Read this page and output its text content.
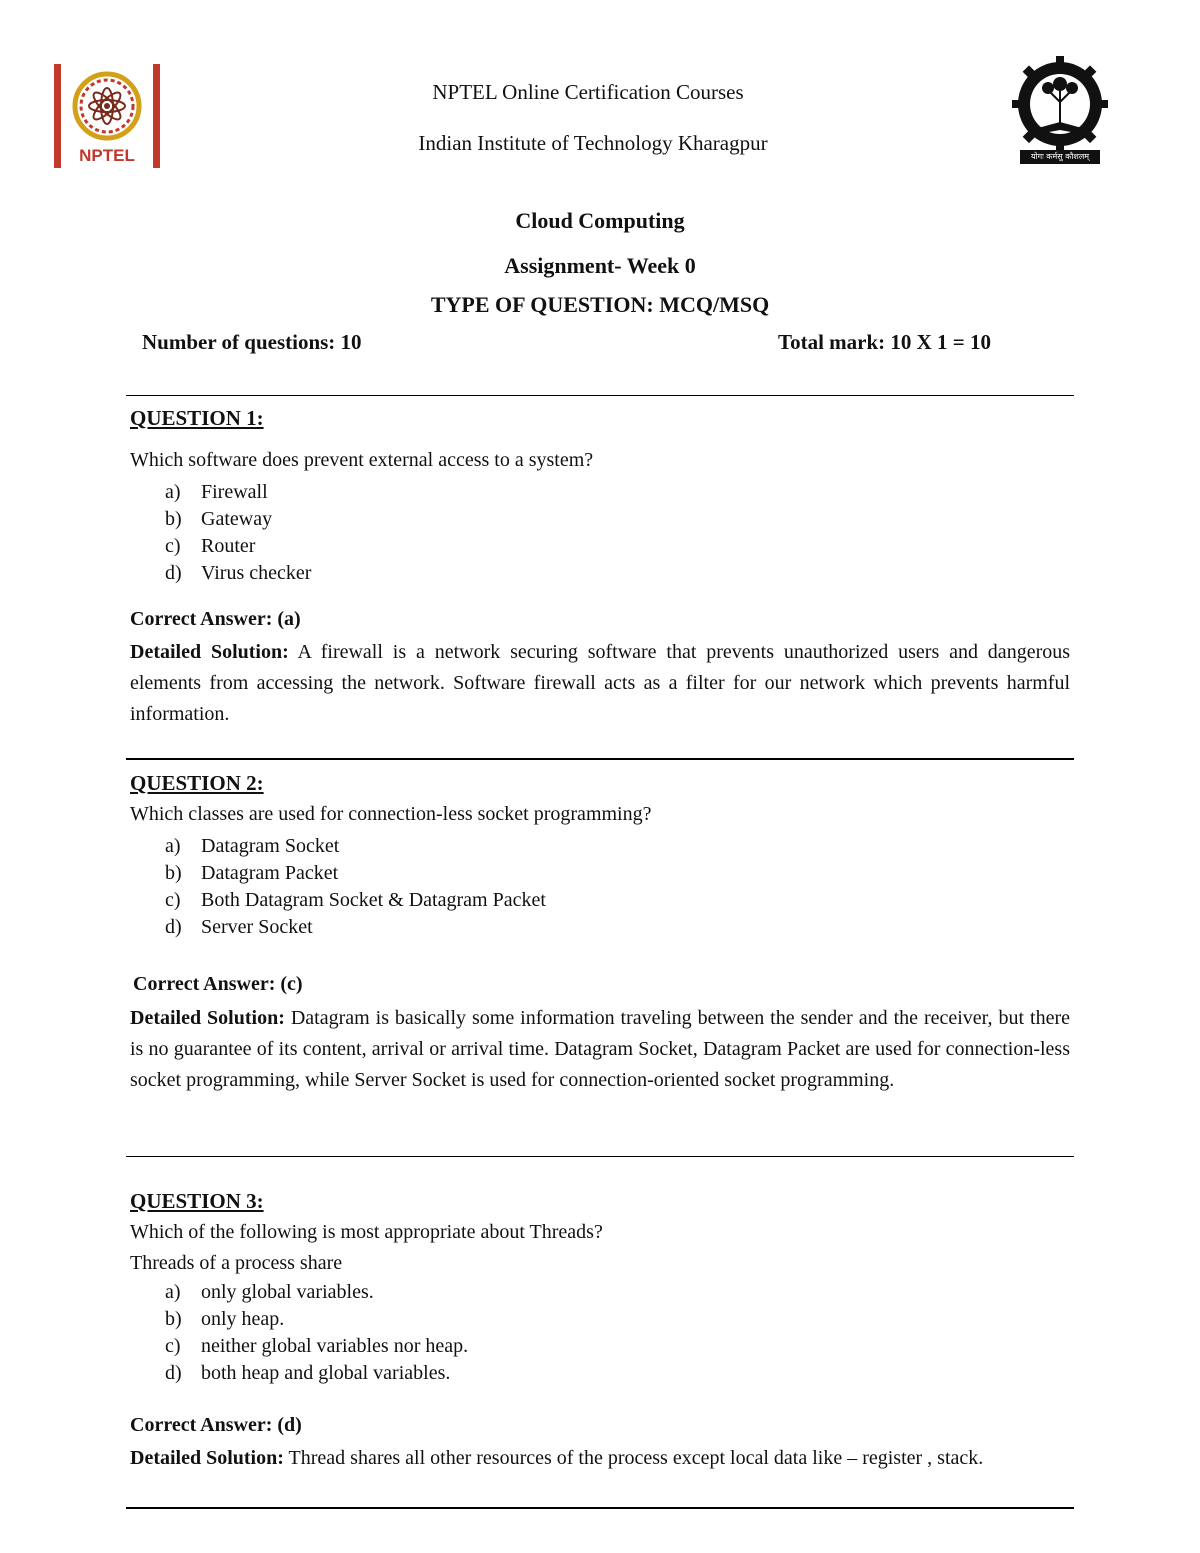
NPTEL
NPTEL Online Certification Courses
Indian Institute of Technology Kharagpur
योगः कर्मसु कौशलम्
Cloud Computing
Assignment- Week 0
TYPE OF QUESTION: MCQ/MSQ
Number of questions: 10	Total mark: 10 X 1 = 10
QUESTION 1:
Which software does prevent external access to a system?
a) Firewall
b) Gateway
c) Router
d) Virus checker
Correct Answer: (a)
Detailed Solution: A firewall is a network securing software that prevents unauthorized users and dangerous elements from accessing the network. Software firewall acts as a filter for our network which prevents harmful information.
QUESTION 2:
Which classes are used for connection-less socket programming?
a) Datagram Socket
b) Datagram Packet
c) Both Datagram Socket & Datagram Packet
d) Server Socket
Correct Answer: (c)
Detailed Solution: Datagram is basically some information traveling between the sender and the receiver, but there is no guarantee of its content, arrival or arrival time. Datagram Socket, Datagram Packet are used for connection-less socket programming, while Server Socket is used for connection-oriented socket programming.
QUESTION 3:
Which of the following is most appropriate about Threads?
Threads of a process share
a) only global variables.
b) only heap.
c) neither global variables nor heap.
d) both heap and global variables.
Correct Answer: (d)
Detailed Solution: Thread shares all other resources of the process except local data like – register , stack.
